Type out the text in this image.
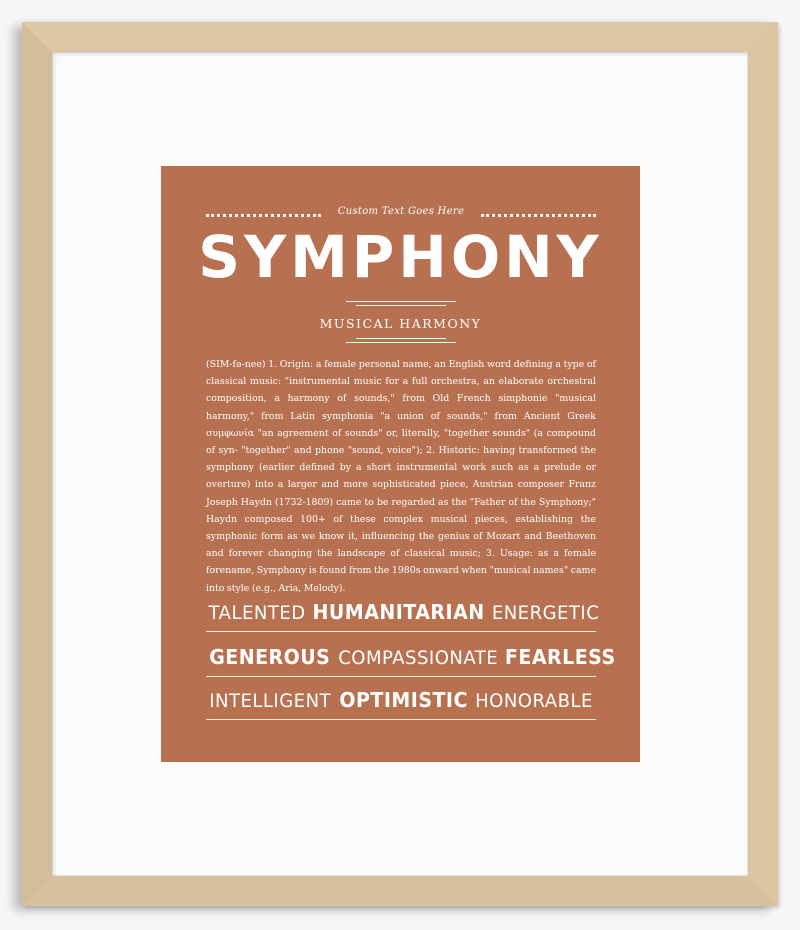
Custom Text Goes Here
SYMPHONY
MUSICAL HARMONY
(SIM-fə-nee) 1. Origin: a female personal name, an English word defining a type of classical music: "instrumental music for a full orchestra, an elaborate orchestral composition, a harmony of sounds," from Old French simphonie "musical harmony," from Latin symphonia "a union of sounds," from Ancient Greek συμφωνία "an agreement of sounds" or, literally, "together sounds" (a compound of syn- "together" and phone "sound, voice"); 2. Historic: having transformed the symphony (earlier defined by a short instrumental work such as a prelude or overture) into a larger and more sophisticated piece, Austrian composer Franz Joseph Haydn (1732-1809) came to be regarded as the "Father of the Symphony;" Haydn composed 100+ of these complex musical pieces, establishing the symphonic form as we know it, influencing the genius of Mozart and Beethoven and forever changing the landscape of classical music; 3. Usage: as a female forename, Symphony is found from the 1980s onward when "musical names" came into style (e.g., Aria, Melody).
TALENTED HUMANITARIAN ENERGETIC
GENEROUS COMPASSIONATE FEARLESS
INTELLIGENT OPTIMISTIC HONORABLE
